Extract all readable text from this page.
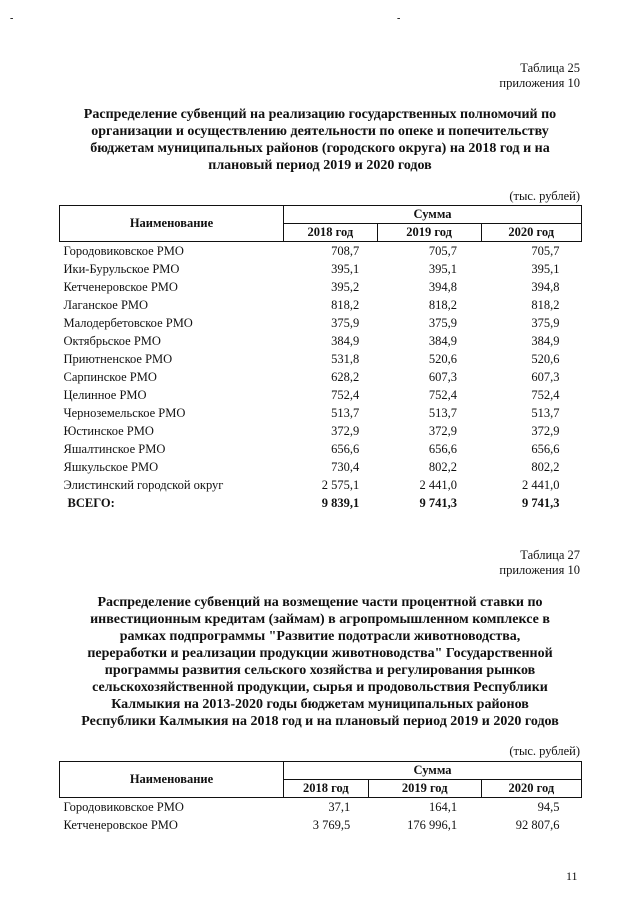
-	-
Таблица 25
приложения 10
Распределение субвенций на реализацию государственных полномочий по
организации и осуществлению деятельности по опеке и попечительству
бюджетам муниципальных районов (городского округа) на 2018 год и на
плановый период 2019 и 2020 годов
(тыс. рублей)
Наименование	Сумма		
	2018 год	2019 год	2020 год
Городовиковское РМО	708,7	705,7	705,7
Ики-Бурульское РМО	395,1	395,1	395,1
Кетченеровское РМО	395,2	394,8	394,8
Лаганское РМО	818,2	818,2	818,2
Малодербетовское РМО	375,9	375,9	375,9
Октябрьское РМО	384,9	384,9	384,9
Приютненское РМО	531,8	520,6	520,6
Сарпинское РМО	628,2	607,3	607,3
Целинное РМО	752,4	752,4	752,4
Черноземельское РМО	513,7	513,7	513,7
Юстинское РМО	372,9	372,9	372,9
Яшалтинское РМО	656,6	656,6	656,6
Яшкульское РМО	730,4	802,2	802,2
Элистинский городской округ	2 575,1	2 441,0	2 441,0
ВСЕГО:	9 839,1	9 741,3	9 741,3
Таблица 27
приложения 10
Распределение субвенций на возмещение части процентной ставки по
инвестиционным кредитам (займам) в агропромышленном комплексе в
рамках подпрограммы "Развитие подотрасли животноводства,
переработки и реализации продукции животноводства" Государственной
программы развития сельского хозяйства и регулирования рынков
сельскохозяйственной продукции, сырья и продовольствия Республики
Калмыкия на 2013-2020 годы бюджетам муниципальных районов
Республики Калмыкия на 2018 год и на плановый период 2019 и 2020 годов
(тыс. рублей)
Наименование	Сумма		
	2018 год	2019 год	2020 год
Городовиковское РМО	37,1	164,1	94,5
Кетченеровское РМО	3 769,5	176 996,1	92 807,6
11
